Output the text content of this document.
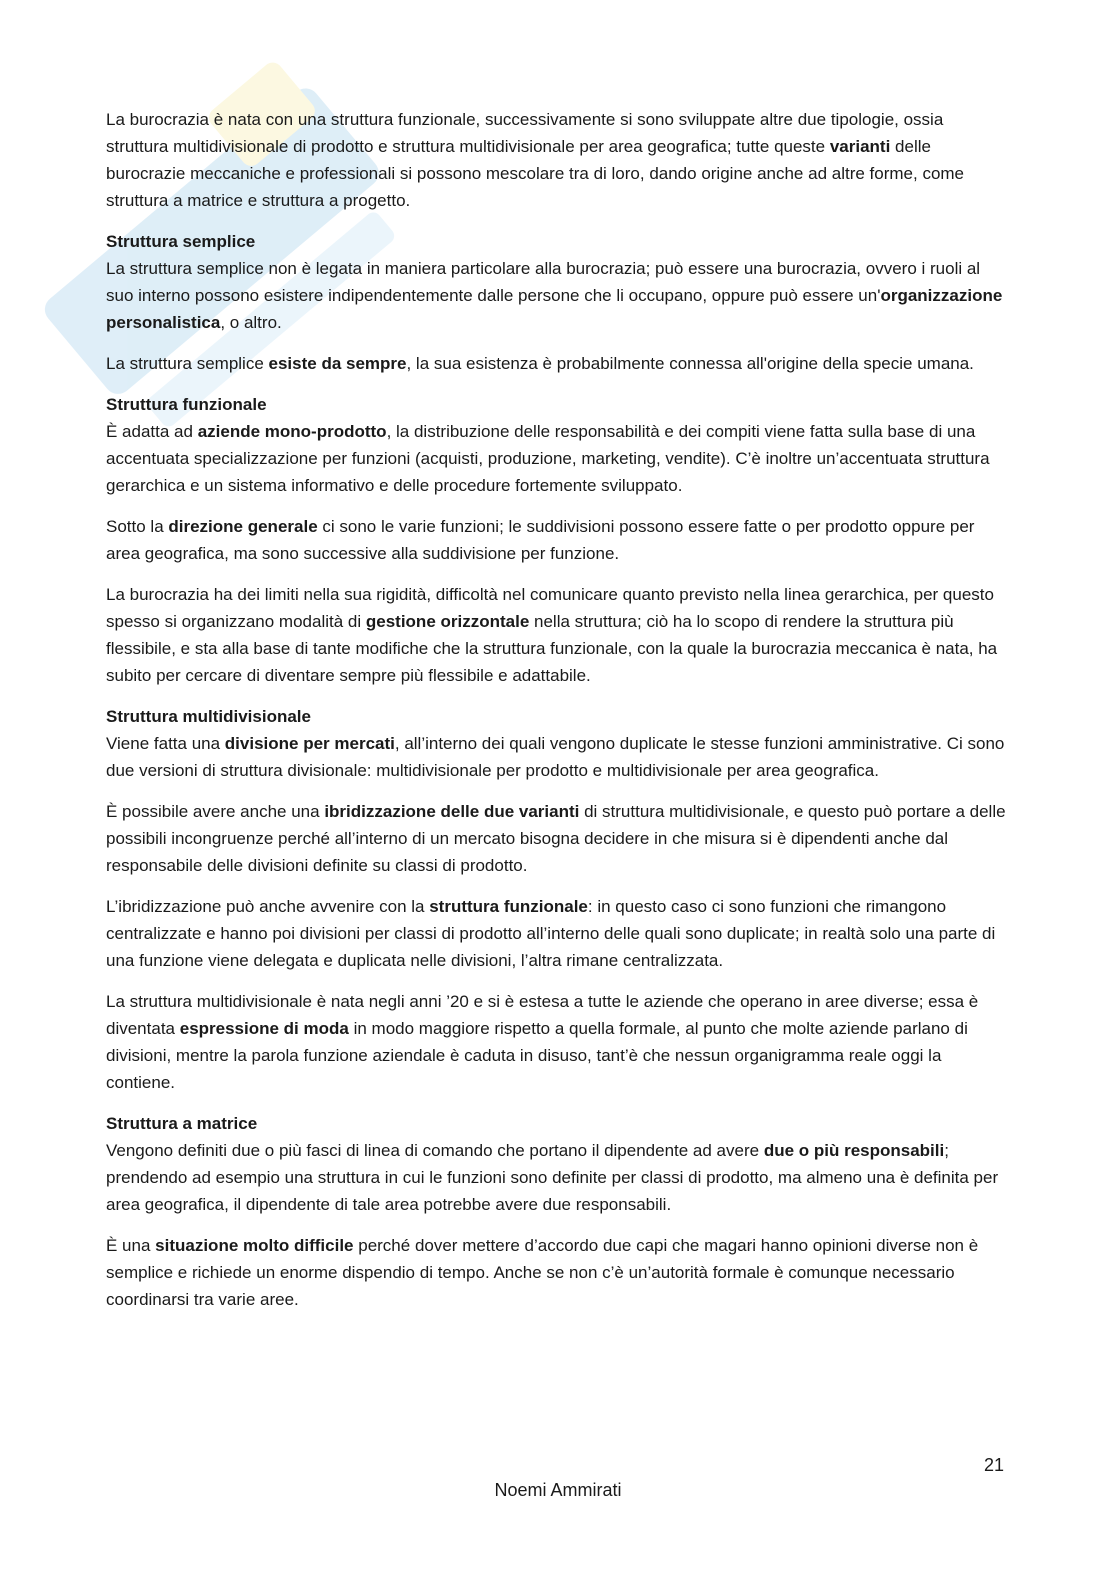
La burocrazia è nata con una struttura funzionale, successivamente si sono sviluppate altre due tipologie, ossia struttura multidivisionale di prodotto e struttura multidivisionale per area geografica; tutte queste varianti delle burocrazie meccaniche e professionali si possono mescolare tra di loro, dando origine anche ad altre forme, come struttura a matrice e struttura a progetto.

Struttura semplice

La struttura semplice non è legata in maniera particolare alla burocrazia; può essere una burocrazia, ovvero i ruoli al suo interno possono esistere indipendentemente dalle persone che li occupano, oppure può essere un'organizzazione personalistica, o altro.

La struttura semplice esiste da sempre, la sua esistenza è probabilmente connessa all'origine della specie umana.

Struttura funzionale

È adatta ad aziende mono-prodotto, la distribuzione delle responsabilità e dei compiti viene fatta sulla base di una accentuata specializzazione per funzioni (acquisti, produzione, marketing, vendite). C’è inoltre un’accentuata struttura gerarchica e un sistema informativo e delle procedure fortemente sviluppato.

Sotto la direzione generale ci sono le varie funzioni; le suddivisioni possono essere fatte o per prodotto oppure per area geografica, ma sono successive alla suddivisione per funzione.

La burocrazia ha dei limiti nella sua rigidità, difficoltà nel comunicare quanto previsto nella linea gerarchica, per questo spesso si organizzano modalità di gestione orizzontale nella struttura; ciò ha lo scopo di rendere la struttura più flessibile, e sta alla base di tante modifiche che la struttura funzionale, con la quale la burocrazia meccanica è nata, ha subito per cercare di diventare sempre più flessibile e adattabile.

Struttura multidivisionale

Viene fatta una divisione per mercati, all’interno dei quali vengono duplicate le stesse funzioni amministrative. Ci sono due versioni di struttura divisionale: multidivisionale per prodotto e multidivisionale per area geografica.

È possibile avere anche una ibridizzazione delle due varianti di struttura multidivisionale, e questo può portare a delle possibili incongruenze perché all’interno di un mercato bisogna decidere in che misura si è dipendenti anche dal responsabile delle divisioni definite su classi di prodotto.

L’ibridizzazione può anche avvenire con la struttura funzionale: in questo caso ci sono funzioni che rimangono centralizzate e hanno poi divisioni per classi di prodotto all’interno delle quali sono duplicate; in realtà solo una parte di una funzione viene delegata e duplicata nelle divisioni, l’altra rimane centralizzata.

La struttura multidivisionale è nata negli anni ’20 e si è estesa a tutte le aziende che operano in aree diverse; essa è diventata espressione di moda in modo maggiore rispetto a quella formale, al punto che molte aziende parlano di divisioni, mentre la parola funzione aziendale è caduta in disuso, tant’è che nessun organigramma reale oggi la contiene.

Struttura a matrice

Vengono definiti due o più fasci di linea di comando che portano il dipendente ad avere due o più responsabili; prendendo ad esempio una struttura in cui le funzioni sono definite per classi di prodotto, ma almeno una è definita per area geografica, il dipendente di tale area potrebbe avere due responsabili.

È una situazione molto difficile perché dover mettere d’accordo due capi che magari hanno opinioni diverse non è semplice e richiede un enorme dispendio di tempo. Anche se non c’è un’autorità formale è comunque necessario coordinarsi tra varie aree.

21
Noemi Ammirati
